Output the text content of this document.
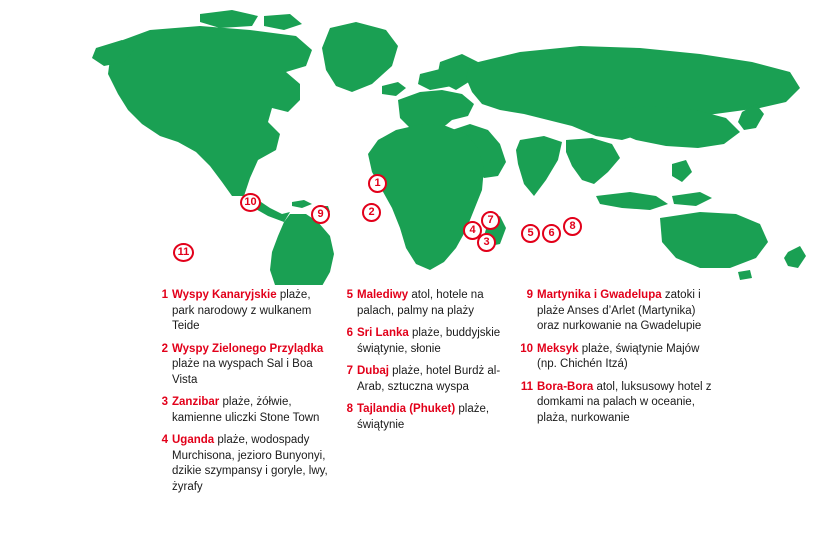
1
2
3
4	5	6
7	8
9
10
11
1 Wyspy Kanaryjskie plaże, park narodowy z wulkanem Teide
2 Wyspy Zielonego Przylądka plaże na wyspach Sal i Boa Vista
3 Zanzibar plaże, żółwie, kamienne uliczki Stone Town
4 Uganda plaże, wodospady Murchisona, jezioro Bunyonyi, dzikie szympansy i goryle, lwy, żyrafy
5 Malediwy atol, hotele na palach, palmy na plaży
6 Sri Lanka plaże, buddyjskie świątynie, słonie
7 Dubaj plaże, hotel Burdż al-Arab, sztuczna wyspa
8 Tajlandia (Phuket) plaże, świątynie
9 Martynika i Gwadelupa zatoki i plaże Anses d’Arlet (Martynika) oraz nurkowanie na Gwadelupie
10 Meksyk plaże, świątynie Majów (np. Chichén Itzá)
11 Bora-Bora atol, luksusowy hotel z domkami na palach w oceanie, plaża, nurkowanie
